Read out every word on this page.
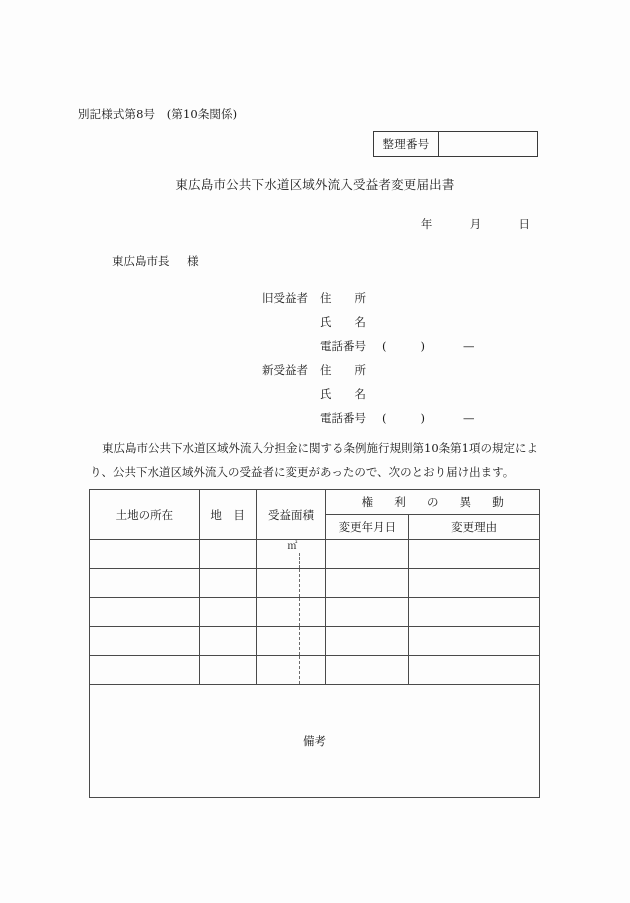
別記様式第8号　(第10条関係)
整理番号
東広島市公共下水道区域外流入受益者変更届出書
年	月	日
東広島市長 様
旧受益者	住所
氏名
電話番号 (	)	—
新受益者	住所
氏名
電話番号 (	)	—
東広島市公共下水道区域外流入分担金に関する条例施行規則第10条第1項の規定によ
り、公共下水道区域外流入の受益者に変更があったので、次のとおり届け出ます。
土地の所在	地　目	受益面積	権　利　の　異　動	
			変更年月日	変更理由

		㎡		

備考				
